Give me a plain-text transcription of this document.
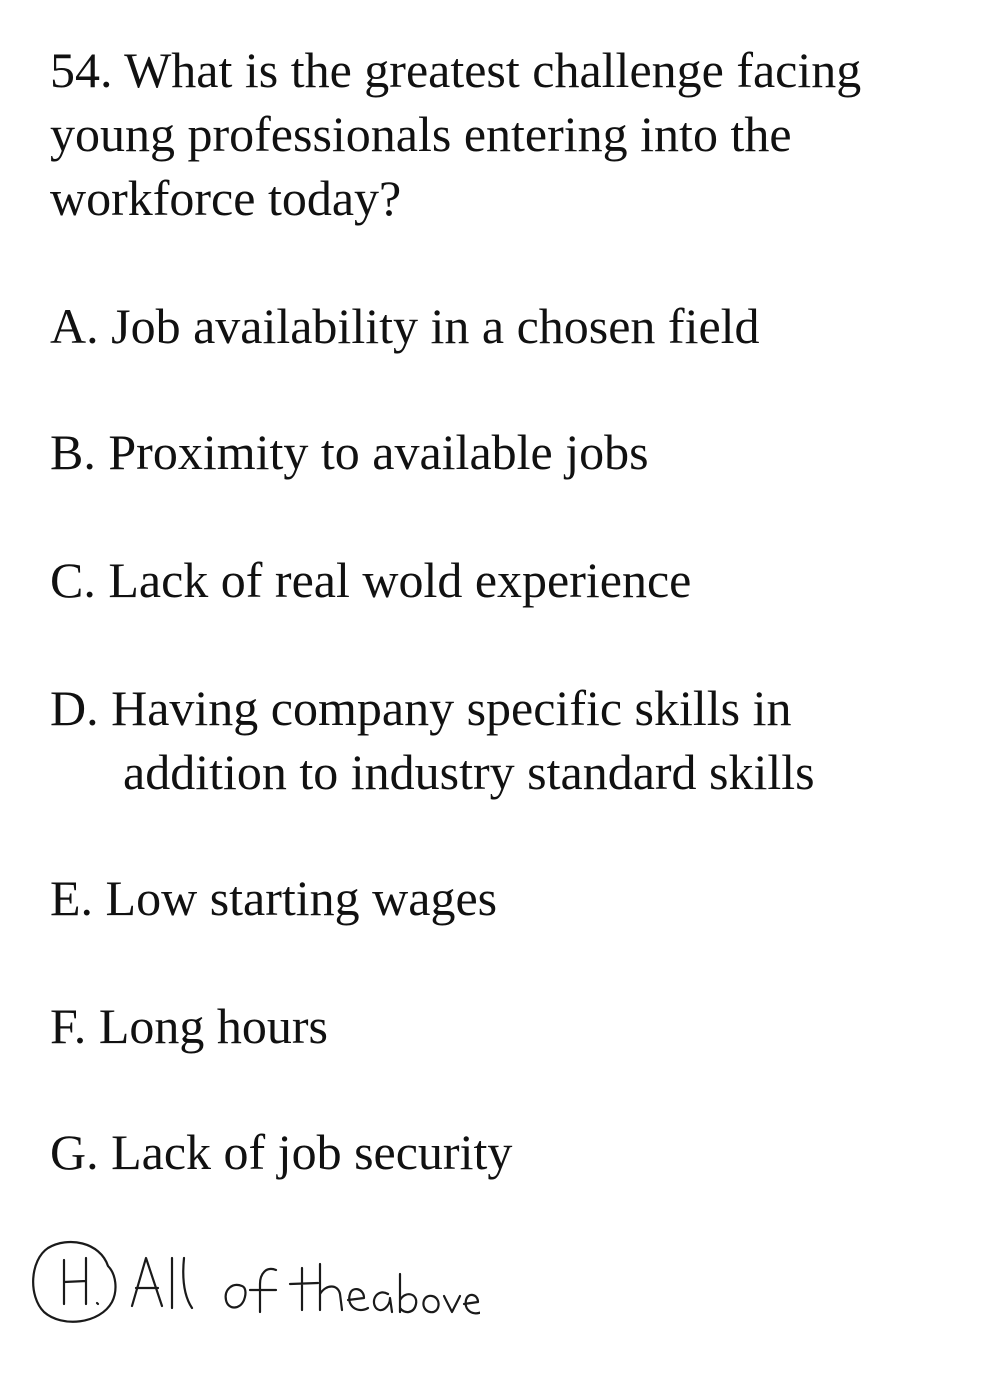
54. What is the greatest challenge facing
young professionals entering into the
workforce today?
A. Job availability in a chosen field
B. Proximity to available jobs
C. Lack of real wold experience
D. Having company specific skills in
addition to industry standard skills
E. Low starting wages
F. Long hours
G. Lack of job security
